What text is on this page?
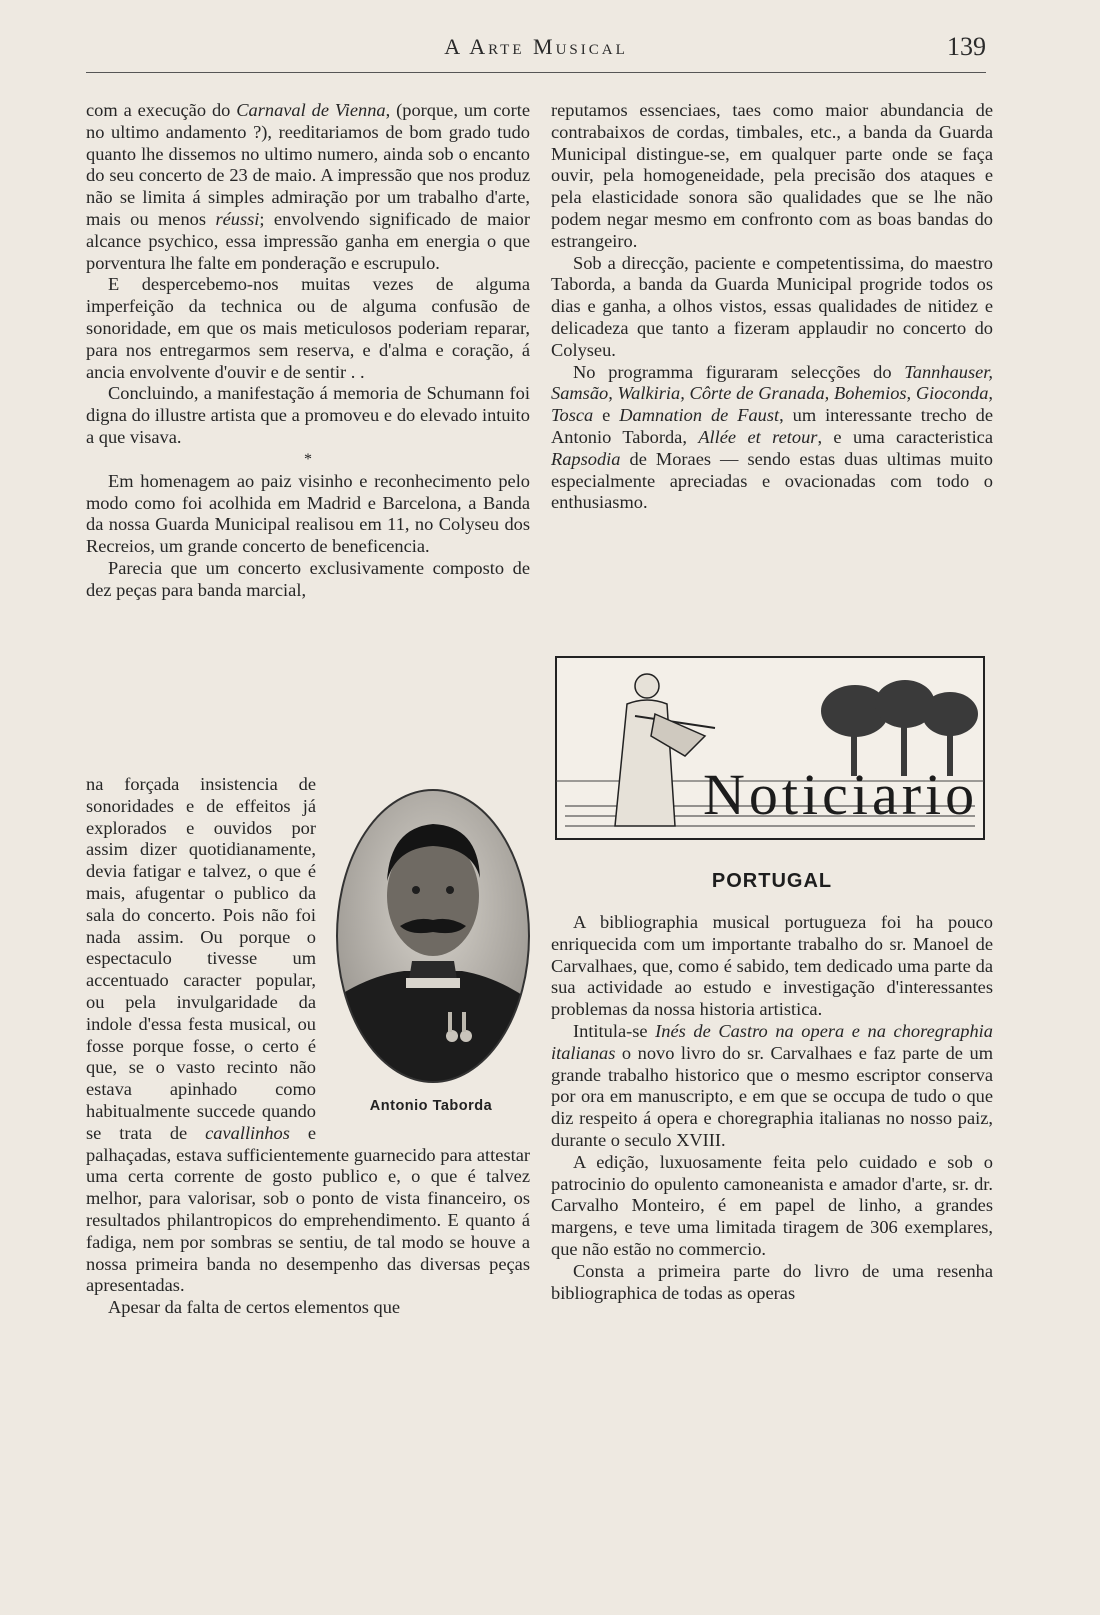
A Arte Musical	139

com a execução do Carnaval de Vienna, (porque, um corte no ultimo andamento ?), reeditariamos de bom grado tudo quanto lhe dissemos no ultimo numero, ainda sob o encanto do seu concerto de 23 de maio. A impressão que nos produz não se limita á simples admiração por um trabalho d'arte, mais ou menos réussi; envolvendo significado de maior alcance psychico, essa impressão ganha em energia o que porventura lhe falte em ponderação e escrupulo.

E despercebemo-nos muitas vezes de alguma imperfeição da technica ou de alguma confusão de sonoridade, em que os mais meticulosos poderiam reparar, para nos entregarmos sem reserva, e d'alma e coração, á ancia envolvente d'ouvir e de sentir . .

Concluindo, a manifestação á memoria de Schumann foi digna do illustre artista que a promoveu e do elevado intuito a que visava.

*

Em homenagem ao paiz visinho e reconhecimento pelo modo como foi acolhida em Madrid e Barcelona, a Banda da nossa Guarda Municipal realisou em 11, no Colyseu dos Recreios, um grande concerto de beneficencia.

Parecia que um concerto exclusivamente composto de dez peças para banda marcial,

Antonio Taborda

na forçada insistencia de sonoridades e de effeitos já explorados e ouvidos por assim dizer quotidianamente, devia fatigar e talvez, o que é mais, afugentar o publico da sala do concerto. Pois não foi nada assim. Ou porque o espectaculo tivesse um accentuado caracter popular, ou pela invulgaridade da indole d'essa festa musical, ou fosse porque fosse, o certo é que, se o vasto recinto não estava apinhado como habitualmente succede quando se trata de cavallinhos e palhaçadas, estava sufficientemente guarnecido para attestar uma certa corrente de gosto publico e, o que é talvez melhor, para valorisar, sob o ponto de vista financeiro, os resultados philantropicos do emprehendimento. E quanto á fadiga, nem por sombras se sentiu, de tal modo se houve a nossa primeira banda no desempenho das diversas peças apresentadas.

Apesar da falta de certos elementos que

reputamos essenciaes, taes como maior abundancia de contrabaixos de cordas, timbales, etc., a banda da Guarda Municipal distingue-se, em qualquer parte onde se faça ouvir, pela homogeneidade, pela precisão dos ataques e pela elasticidade sonora são qualidades que se lhe não podem negar mesmo em confronto com as boas bandas do estrangeiro.

Sob a direcção, paciente e competentissima, do maestro Taborda, a banda da Guarda Municipal progride todos os dias e ganha, a olhos vistos, essas qualidades de nitidez e delicadeza que tanto a fizeram applaudir no concerto do Colyseu.

No programma figuraram selecções do Tannhauser, Samsão, Walkiria, Côrte de Granada, Bohemios, Gioconda, Tosca e Damnation de Faust, um interessante trecho de Antonio Taborda, Allée et retour, e uma caracteristica Rapsodia de Moraes — sendo estas duas ultimas muito especialmente apreciadas e ovacionadas com todo o enthusiasmo.

Noticiario
PORTUGAL

A bibliographia musical portugueza foi ha pouco enriquecida com um importante trabalho do sr. Manoel de Carvalhaes, que, como é sabido, tem dedicado uma parte da sua actividade ao estudo e investigação d'interessantes problemas da nossa historia artistica.

Intitula-se Inés de Castro na opera e na choregraphia italianas o novo livro do sr. Carvalhaes e faz parte de um grande trabalho historico que o mesmo escriptor conserva por ora em manuscripto, e em que se occupa de tudo o que diz respeito á opera e choregraphia italianas no nosso paiz, durante o seculo XVIII.

A edição, luxuosamente feita pelo cuidado e sob o patrocinio do opulento camoneanista e amador d'arte, sr. dr. Carvalho Monteiro, é em papel de linho, a grandes margens, e teve uma limitada tiragem de 306 exemplares, que não estão no commercio.

Consta a primeira parte do livro de uma resenha bibliographica de todas as operas
